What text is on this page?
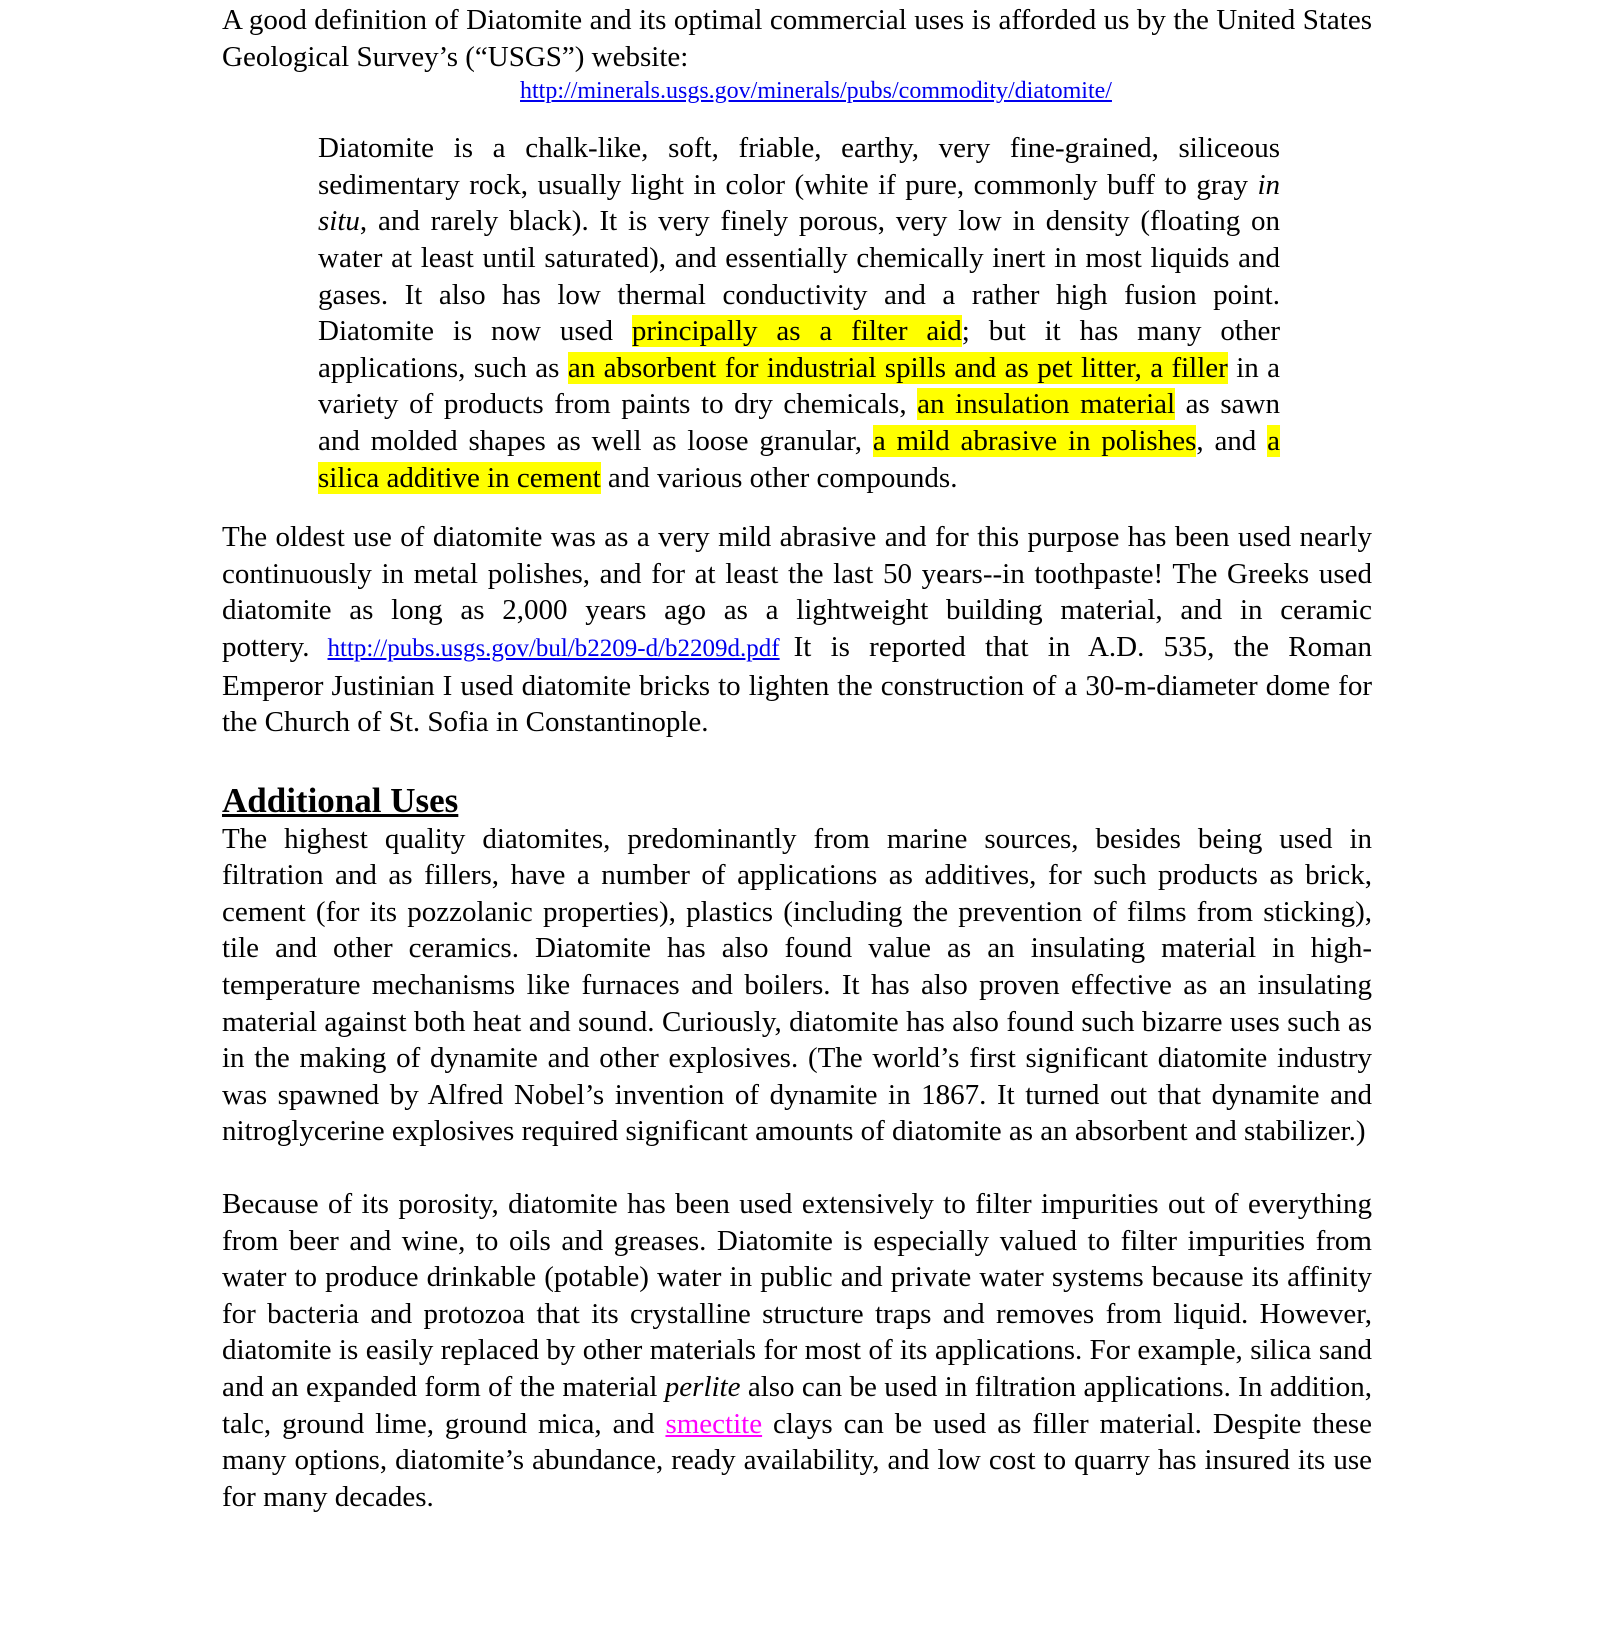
A good definition of Diatomite and its optimal commercial uses is afforded us by the United States Geological Survey’s (“USGS”) website:

http://minerals.usgs.gov/minerals/pubs/commodity/diatomite/

Diatomite is a chalk-like, soft, friable, earthy, very fine-grained, siliceous sedimentary rock, usually light in color (white if pure, commonly buff to gray in situ, and rarely black). It is very finely porous, very low in density (floating on water at least until saturated), and essentially chemically inert in most liquids and gases. It also has low thermal conductivity and a rather high fusion point. Diatomite is now used principally as a filter aid; but it has many other applications, such as an absorbent for industrial spills and as pet litter, a filler in a variety of products from paints to dry chemicals, an insulation material as sawn and molded shapes as well as loose granular, a mild abrasive in polishes, and a silica additive in cement and various other compounds.

The oldest use of diatomite was as a very mild abrasive and for this purpose has been used nearly continuously in metal polishes, and for at least the last 50 years--in toothpaste! The Greeks used diatomite as long as 2,000 years ago as a lightweight building material, and in ceramic pottery. http://pubs.usgs.gov/bul/b2209-d/b2209d.pdf It is reported that in A.D. 535, the Roman Emperor Justinian I used diatomite bricks to lighten the construction of a 30-m-diameter dome for the Church of St. Sofia in Constantinople.

Additional Uses

The highest quality diatomites, predominantly from marine sources, besides being used in filtration and as fillers, have a number of applications as additives, for such products as brick, cement (for its pozzolanic properties), plastics (including the prevention of films from sticking), tile and other ceramics. Diatomite has also found value as an insulating material in high-temperature mechanisms like furnaces and boilers. It has also proven effective as an insulating material against both heat and sound. Curiously, diatomite has also found such bizarre uses such as in the making of dynamite and other explosives. (The world’s first significant diatomite industry was spawned by Alfred Nobel’s invention of dynamite in 1867. It turned out that dynamite and nitroglycerine explosives required significant amounts of diatomite as an absorbent and stabilizer.)

Because of its porosity, diatomite has been used extensively to filter impurities out of everything from beer and wine, to oils and greases. Diatomite is especially valued to filter impurities from water to produce drinkable (potable) water in public and private water systems because its affinity for bacteria and protozoa that its crystalline structure traps and removes from liquid. However, diatomite is easily replaced by other materials for most of its applications. For example, silica sand and an expanded form of the material perlite also can be used in filtration applications. In addition, talc, ground lime, ground mica, and smectite clays can be used as filler material. Despite these many options, diatomite’s abundance, ready availability, and low cost to quarry has insured its use for many decades.
